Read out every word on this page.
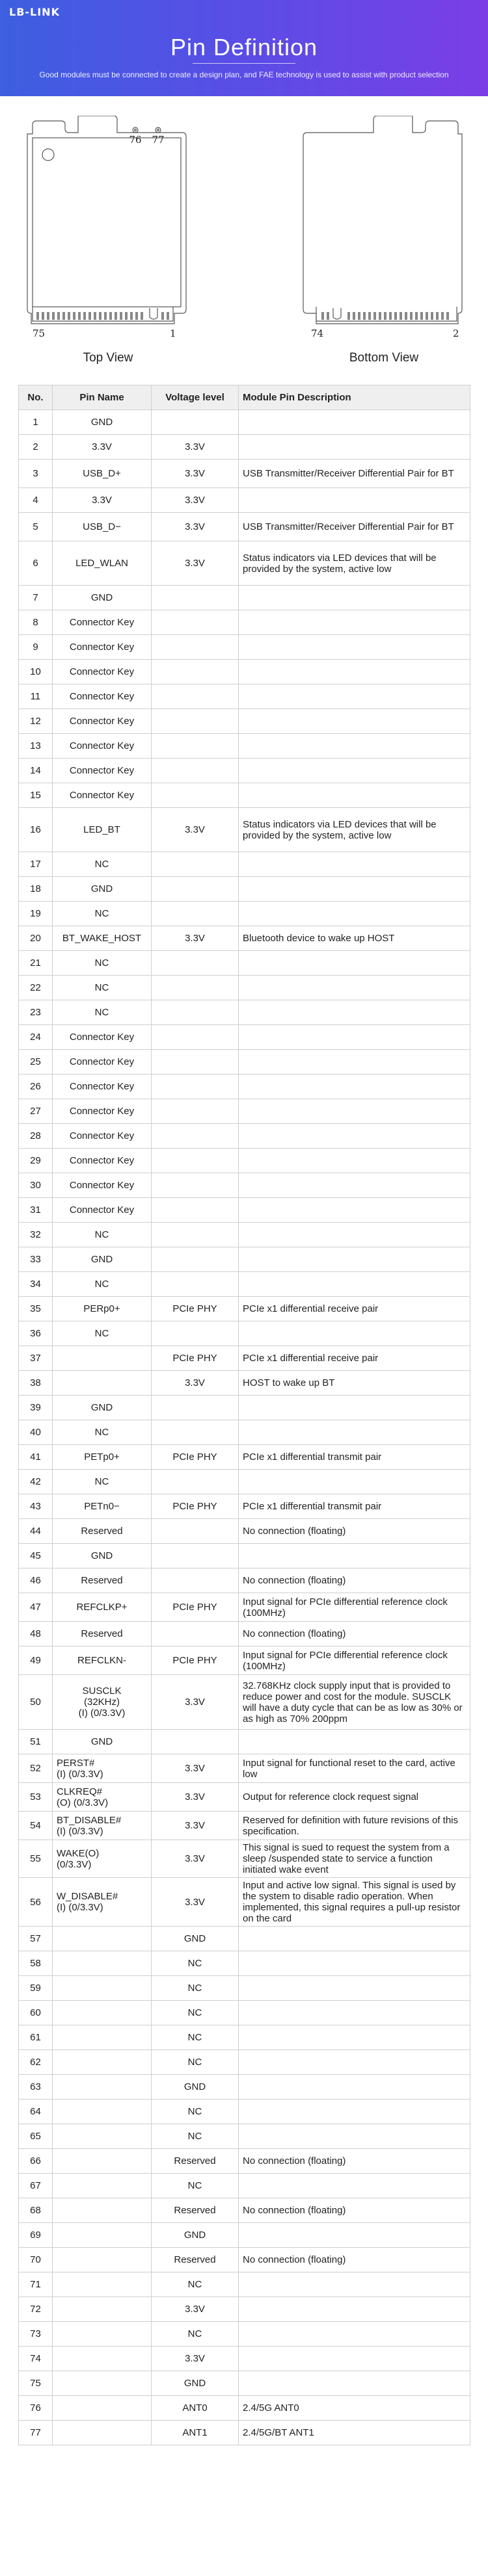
LB-LINK
Pin Definition
Good modules must be connected to create a design plan, and FAE technology is used to assist with product selection
76 77
75	1
Top View
74	2
Bottom View
No.	Pin Name	Voltage level	Module Pin Description
1	GND		
2	3.3V	3.3V	
3	USB_D+	3.3V	USB Transmitter/Receiver Differential Pair for BT
4	3.3V	3.3V	
5	USB_D−	3.3V	USB Transmitter/Receiver Differential Pair for BT
6	LED_WLAN	3.3V	Status indicators via LED devices that will be provided by the system, active low
7	GND		
8	Connector Key		
9	Connector Key		
10	Connector Key		
11	Connector Key		
12	Connector Key		
13	Connector Key		
14	Connector Key		
15	Connector Key		
16	LED_BT	3.3V	Status indicators via LED devices that will be provided by the system, active low
17	NC		
18	GND		
19	NC		
20	BT_WAKE_HOST	3.3V	Bluetooth device to wake up HOST
21	NC		
22	NC		
23	NC		
24	Connector Key		
25	Connector Key		
26	Connector Key		
27	Connector Key		
28	Connector Key		
29	Connector Key		
30	Connector Key		
31	Connector Key		
32	NC		
33	GND		
34	NC		
35	PERp0+	PCIe PHY	PCIe x1 differential receive pair
36	NC		
37		PCIe PHY	PCIe x1 differential receive pair
38		3.3V	HOST to wake up BT
39	GND		
40	NC		
41	PETp0+	PCIe PHY	PCIe x1 differential transmit pair
42	NC		
43	PETn0−	PCIe PHY	PCIe x1 differential transmit pair
44	Reserved		No connection (floating)
45	GND		
46	Reserved		No connection (floating)
47	REFCLKP+	PCIe PHY	Input signal for PCIe differential reference clock (100MHz)
48	Reserved		No connection (floating)
49	REFCLKN-	PCIe PHY	Input signal for PCIe differential reference clock (100MHz)
50	SUSCLK
(32KHz)
(I) (0/3.3V)	3.3V	32.768KHz clock supply input that is provided to reduce power and cost for the module. SUSCLK will have a duty cycle that can be as low as 30% or as high as 70% 200ppm
51	GND		
52	PERST#
(I) (0/3.3V)	3.3V	Input signal for functional reset to the card, active low
53	CLKREQ#
(O) (0/3.3V)	3.3V	Output for reference clock request signal
54	BT_DISABLE#
(I) (0/3.3V)	3.3V	Reserved for definition with future revisions of this specification.
55	WAKE(O)
(0/3.3V)	3.3V	This signal is sued to request the system from a sleep /suspended state to service a function initiated wake event
56	W_DISABLE#
(I) (0/3.3V)	3.3V	Input and active low signal. This signal is used by the system to disable radio operation. When implemented, this signal requires a pull-up resistor on the card
57		GND	
58		NC	
59		NC	
60		NC	
61		NC	
62		NC	
63		GND	
64		NC	
65		NC	
66		Reserved	No connection (floating)
67		NC	
68		Reserved	No connection (floating)
69		GND	
70		Reserved	No connection (floating)
71		NC	
72		3.3V	
73		NC	
74		3.3V	
75		GND	
76		ANT0	2.4/5G ANT0
77		ANT1	2.4/5G/BT ANT1
